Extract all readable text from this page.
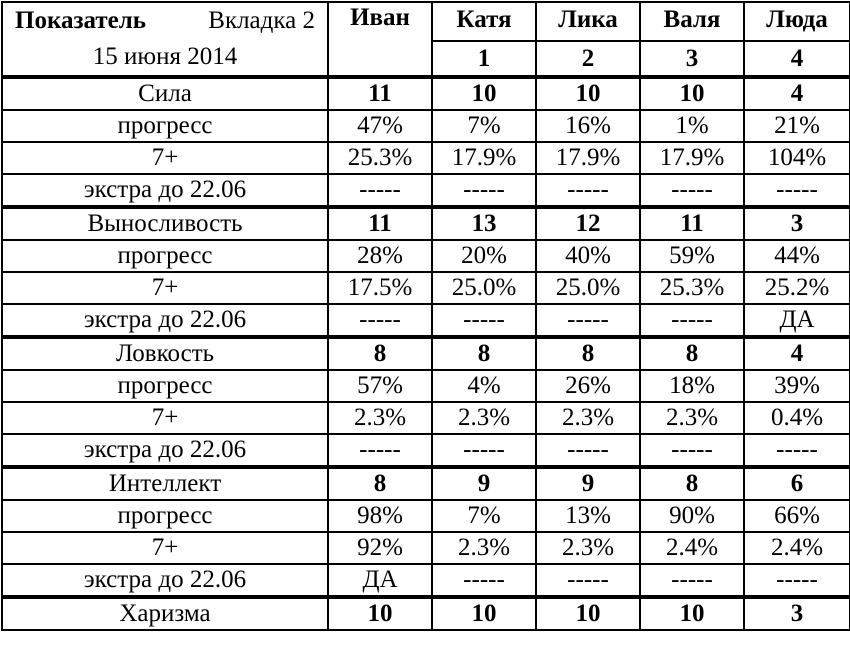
Показатель Вкладка 2
15 июня 2014	Иван	Катя	Лика	Валя	Люда
		1	2	3	4
Сила	11	10	10	10	4
прогресс	47%	7%	16%	1%	21%
7+	25.3%	17.9%	17.9%	17.9%	104%
экстра до 22.06	-----	-----	-----	-----	-----
Выносливость	11	13	12	11	3
прогресс	28%	20%	40%	59%	44%
7+	17.5%	25.0%	25.0%	25.3%	25.2%
экстра до 22.06	-----	-----	-----	-----	ДА
Ловкость	8	8	8	8	4
прогресс	57%	4%	26%	18%	39%
7+	2.3%	2.3%	2.3%	2.3%	0.4%
экстра до 22.06	-----	-----	-----	-----	-----
Интеллект	8	9	9	8	6
прогресс	98%	7%	13%	90%	66%
7+	92%	2.3%	2.3%	2.4%	2.4%
экстра до 22.06	ДА	-----	-----	-----	-----
Харизма	10	10	10	10	3
